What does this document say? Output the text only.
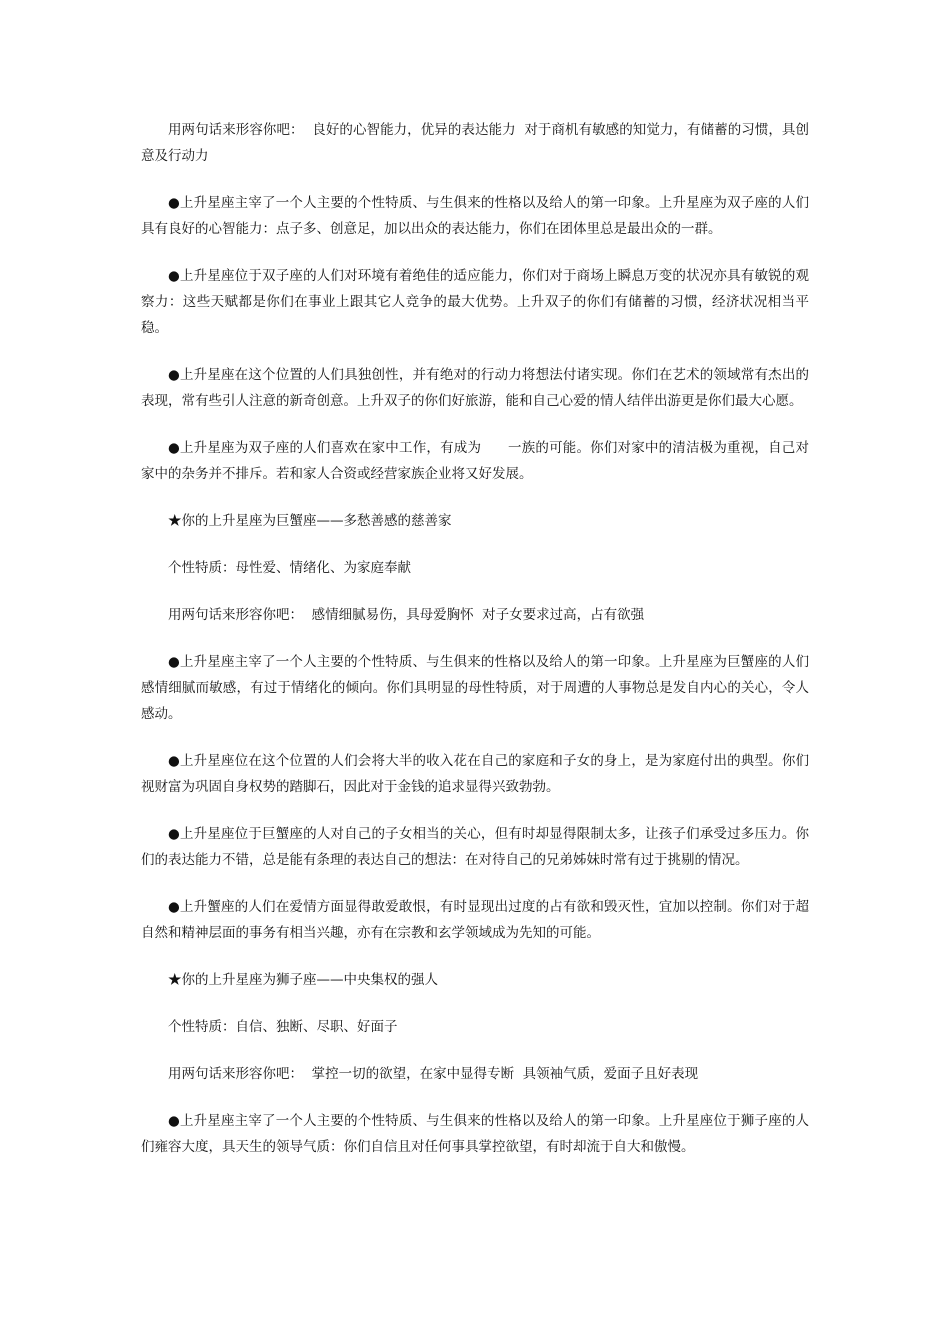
用两句话来形容你吧：  良好的心智能力，优异的表达能力  对于商机有敏感的知觉力，有储蓄的习惯，具创意及行动力

●上升星座主宰了一个人主要的个性特质、与生俱来的性格以及给人的第一印象。上升星座为双子座的人们具有良好的心智能力：点子多、创意足，加以出众的表达能力，你们在团体里总是最出众的一群。

●上升星座位于双子座的人们对环境有着绝佳的适应能力，你们对于商场上瞬息万变的状况亦具有敏锐的观察力：这些天赋都是你们在事业上跟其它人竞争的最大优势。上升双子的你们有储蓄的习惯，经济状况相当平稳。

●上升星座在这个位置的人们具独创性，并有绝对的行动力将想法付诸实现。你们在艺术的领域常有杰出的表现，常有些引人注意的新奇创意。上升双子的你们好旅游，能和自己心爱的情人结伴出游更是你们最大心愿。

●上升星座为双子座的人们喜欢在家中工作，有成为      一族的可能。你们对家中的清洁极为重视，自己对家中的杂务并不排斥。若和家人合资或经营家族企业将又好发展。

★你的上升星座为巨蟹座——多愁善感的慈善家

个性特质：母性爱、情绪化、为家庭奉献

用两句话来形容你吧：  感情细腻易伤，具母爱胸怀  对子女要求过高，占有欲强

●上升星座主宰了一个人主要的个性特质、与生俱来的性格以及给人的第一印象。上升星座为巨蟹座的人们感情细腻而敏感，有过于情绪化的倾向。你们具明显的母性特质，对于周遭的人事物总是发自内心的关心，令人感动。

●上升星座位在这个位置的人们会将大半的收入花在自己的家庭和子女的身上，是为家庭付出的典型。你们视财富为巩固自身权势的踏脚石，因此对于金钱的追求显得兴致勃勃。

●上升星座位于巨蟹座的人对自己的子女相当的关心，但有时却显得限制太多，让孩子们承受过多压力。你们的表达能力不错，总是能有条理的表达自己的想法：在对待自己的兄弟姊妹时常有过于挑剔的情况。

●上升蟹座的人们在爱情方面显得敢爱敢恨，有时显现出过度的占有欲和毁灭性，宜加以控制。你们对于超自然和精神层面的事务有相当兴趣，亦有在宗教和玄学领域成为先知的可能。

★你的上升星座为狮子座——中央集权的强人

个性特质：自信、独断、尽职、好面子

用两句话来形容你吧：  掌控一切的欲望，在家中显得专断  具领袖气质，爱面子且好表现

●上升星座主宰了一个人主要的个性特质、与生俱来的性格以及给人的第一印象。上升星座位于狮子座的人们雍容大度，具天生的领导气质：你们自信且对任何事具掌控欲望，有时却流于自大和傲慢。
